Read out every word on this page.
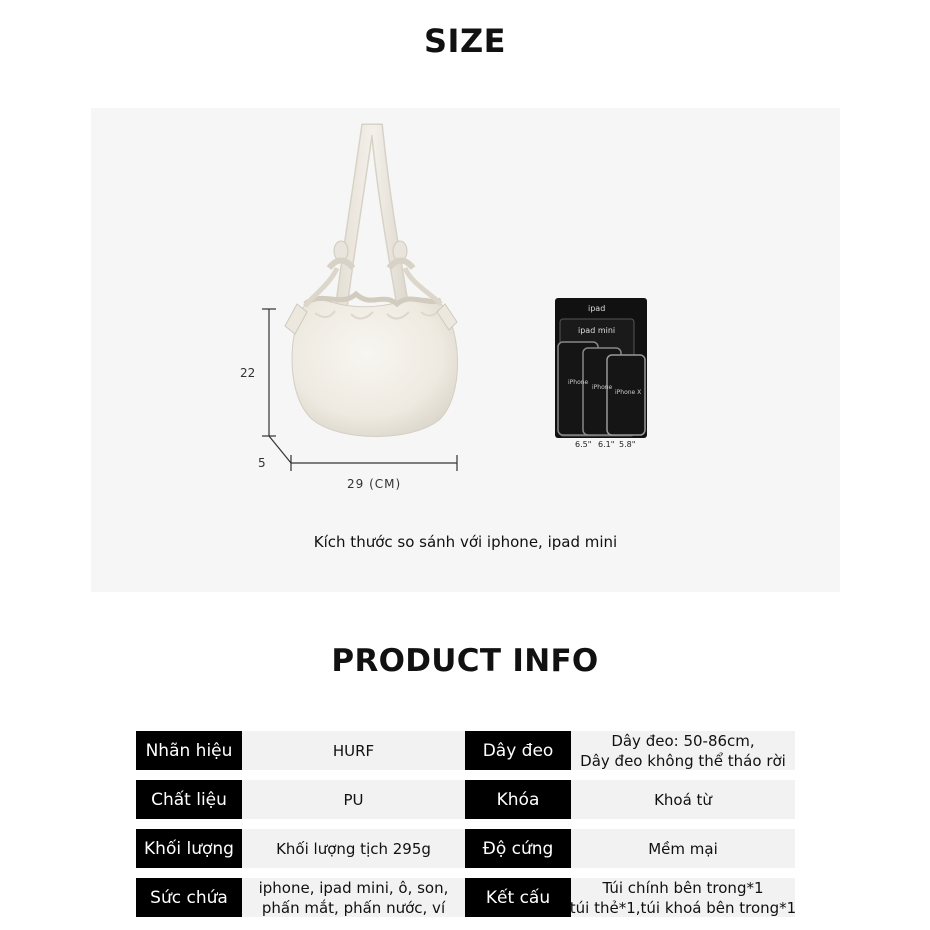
SIZE
22
5
29 (CM)
ipad
ipad mini
iPhone
iPhone
iPhone X
6.5" 6.1" 5.8"
Kích thước so sánh với iphone, ipad mini
PRODUCT INFO
Nhãn hiệu	HURF	Dây đeo	Dây đeo: 50-86cm,
Dây đeo không thể tháo rời
Chất liệu	PU	Khóa	Khoá từ
Khối lượng	Khối lượng tịch 295g	Độ cứng	Mềm mại
Sức chứa	iphone, ipad mini, ô, son,
phấn mắt, phấn nước, ví
Kết cấu	Túi chính bên trong*1
túi thẻ*1,túi khoá bên trong*1
